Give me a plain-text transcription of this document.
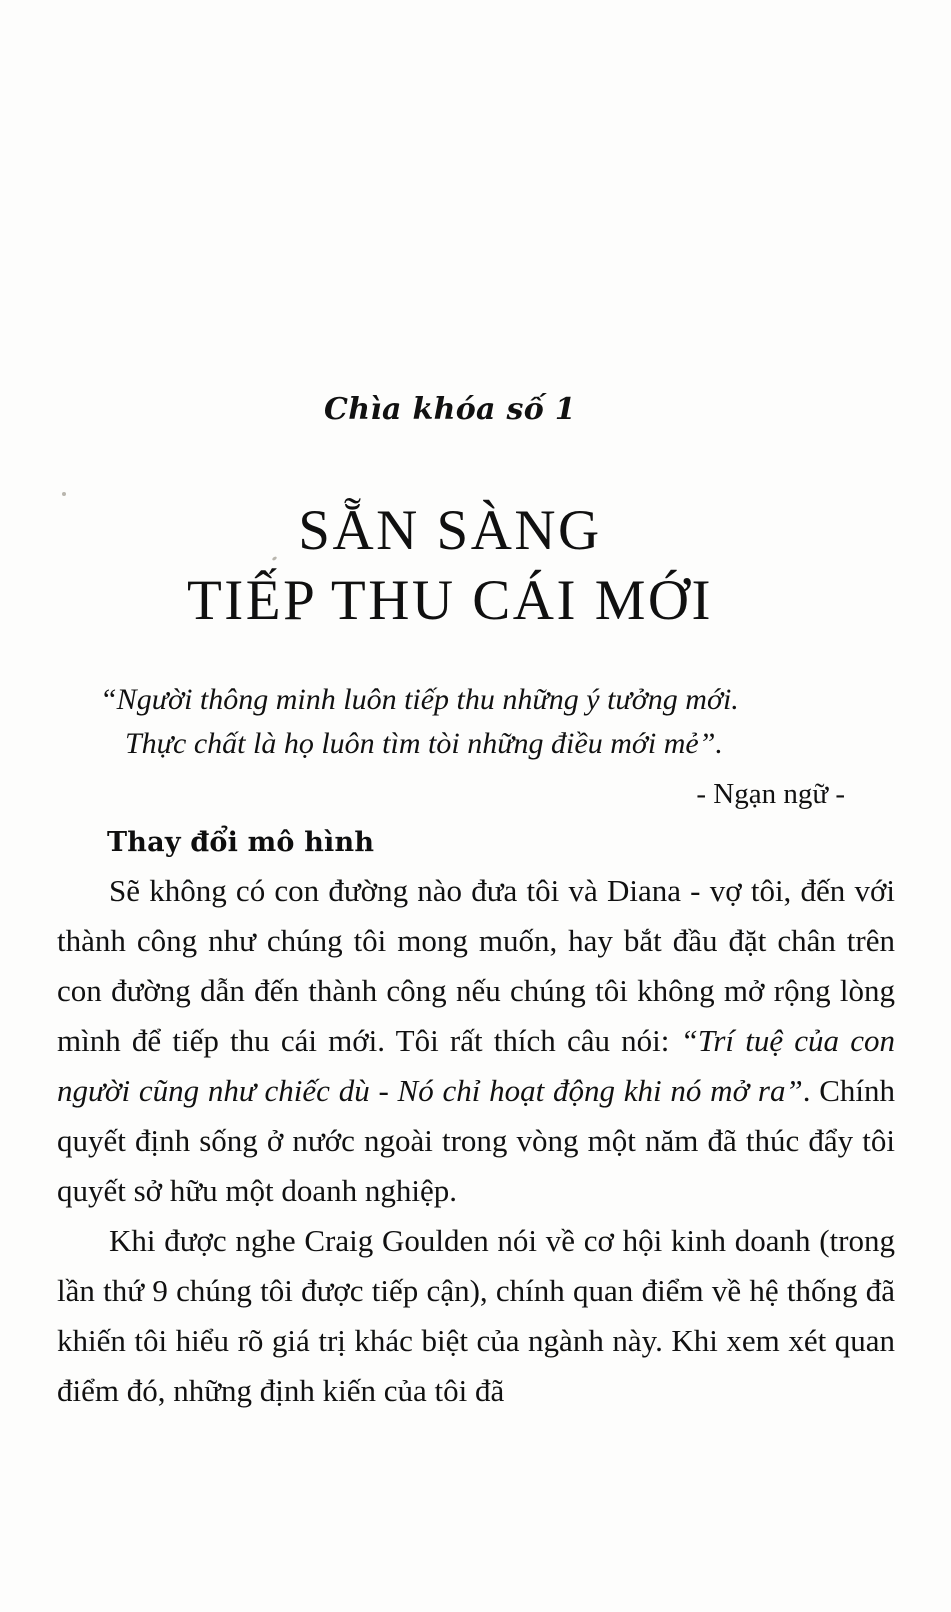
Chìa khóa số 1
SẴN SÀNG
TIẾP THU CÁI MỚI
“Người thông minh luôn tiếp thu những ý tưởng mới.
Thực chất là họ luôn tìm tòi những điều mới mẻ”.
- Ngạn ngữ -
Thay đổi mô hình

Sẽ không có con đường nào đưa tôi và Diana - vợ tôi, đến với thành công như chúng tôi mong muốn, hay bắt đầu đặt chân trên con đường dẫn đến thành công nếu chúng tôi không mở rộng lòng mình để tiếp thu cái mới. Tôi rất thích câu nói: “Trí tuệ của con người cũng như chiếc dù - Nó chỉ hoạt động khi nó mở ra”. Chính quyết định sống ở nước ngoài trong vòng một năm đã thúc đẩy tôi quyết sở hữu một doanh nghiệp.

Khi được nghe Craig Goulden nói về cơ hội kinh doanh (trong lần thứ 9 chúng tôi được tiếp cận), chính quan điểm về hệ thống đã khiến tôi hiểu rõ giá trị khác biệt của ngành này. Khi xem xét quan điểm đó, những định kiến của tôi đã
